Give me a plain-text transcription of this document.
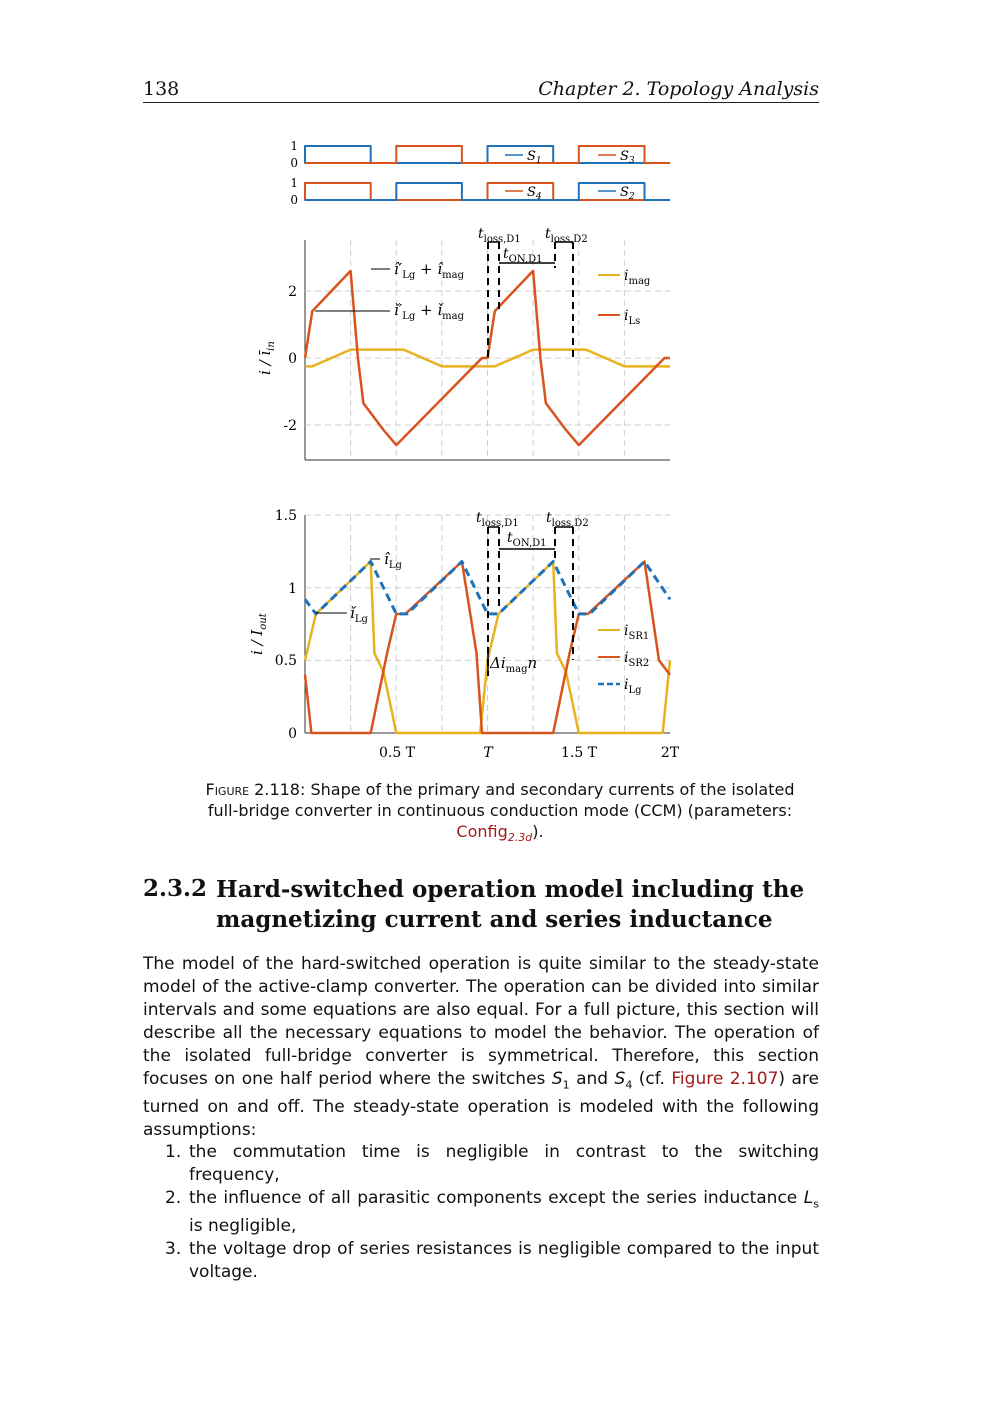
138	Chapter 2. Topology Analysis
1
0
1
0
2
0
-2
1.5
1
0.5
0
0.5 T	T	1.5 T	2T
i / $ī_{in}$
i / $I_{out}$
$S_1$	$S_3$
$S_4$	$S_2$
$t_{loss,D1}$ $t_{loss,D2}$
$t_{ON,D1}$
$î'_{Lg}$ + $î_{mag}$
$ǐ'_{Lg}$ + $ǐ_{mag}$
$i_{mag}$
$i_{Ls}$
$t_{loss,D1}$ $t_{loss,D2}$
$t_{ON,D1}$
$î_{Lg}$
$ǐ_{Lg}$
$\Delta i_{mag}n$
$i_{SR1}$
$i_{SR2}$
$i_{Lg}$
Figure 2.118: Shape of the primary and secondary currents of the isolated full-bridge converter in continuous conduction mode (CCM) (parameters:
Config$_{2.3d}$).
2.3.2 Hard-switched operation model including the magnetizing current and series inductance
The model of the hard-switched operation is quite similar to the steady-state model of the active-clamp converter. The operation can be divided into similar intervals and some equations are also equal. For a full picture, this section will describe all the necessary equations to model the behavior. The operation of the isolated full-bridge converter is symmetrical. Therefore, this section focuses on one half period where the switches $S_1$ and $S_4$ (cf. Figure 2.107) are turned on and off. The steady-state operation is modeled with the following assumptions:
1. the commutation time is negligible in contrast to the switching frequency,
2. the influence of all parasitic components except the series inductance $L_s$ is negligible,
3. the voltage drop of series resistances is negligible compared to the input voltage.
